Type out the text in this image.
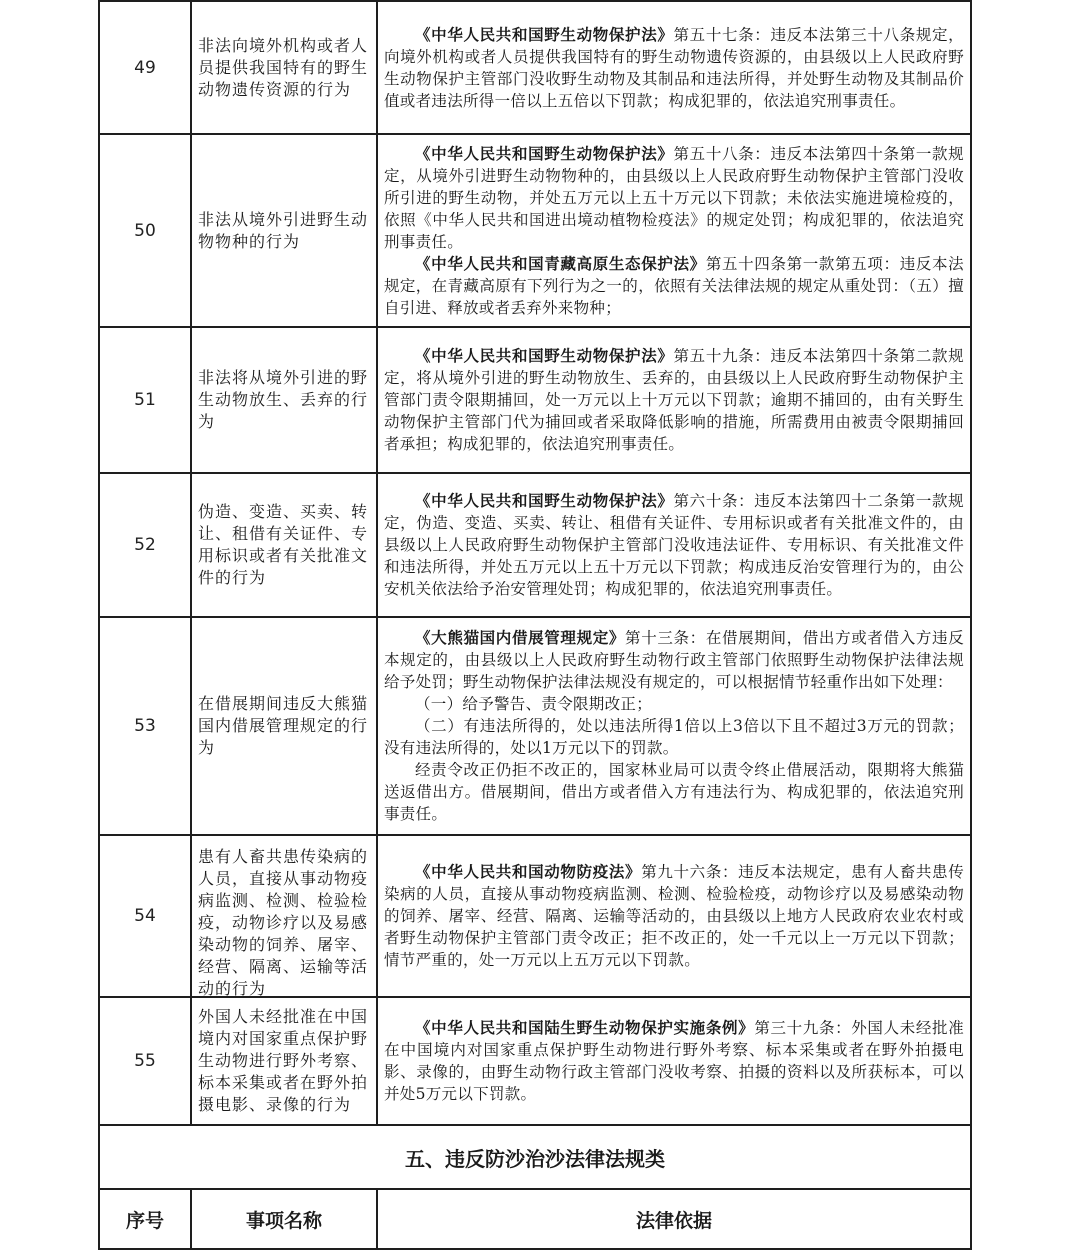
49	非法向境外机构或者人员提供我国特有的野生动物遗传资源的行为	《中华人民共和国野生动物保护法》第五十七条：违反本法第三十八条规定，向境外机构或者人员提供我国特有的野生动物遗传资源的，由县级以上人民政府野生动物保护主管部门没收野生动物及其制品和违法所得，并处野生动物及其制品价值或者违法所得一倍以上五倍以下罚款；构成犯罪的，依法追究刑事责任。

50	非法从境外引进野生动物物种的行为	《中华人民共和国野生动物保护法》第五十八条：违反本法第四十条第一款规定，从境外引进野生动物物种的，由县级以上人民政府野生动物保护主管部门没收所引进的野生动物，并处五万元以上五十万元以下罚款；未依法实施进境检疫的，依照《中华人民共和国进出境动植物检疫法》的规定处罚；构成犯罪的，依法追究刑事责任。

《中华人民共和国青藏高原生态保护法》第五十四条第一款第五项：违反本法规定，在青藏高原有下列行为之一的，依照有关法律法规的规定从重处罚：（五）擅自引进、释放或者丢弃外来物种；

51	非法将从境外引进的野生动物放生、丢弃的行为	《中华人民共和国野生动物保护法》第五十九条：违反本法第四十条第二款规定，将从境外引进的野生动物放生、丢弃的，由县级以上人民政府野生动物保护主管部门责令限期捕回，处一万元以上十万元以下罚款；逾期不捕回的，由有关野生动物保护主管部门代为捕回或者采取降低影响的措施，所需费用由被责令限期捕回者承担；构成犯罪的，依法追究刑事责任。

52	伪造、变造、买卖、转让、租借有关证件、专用标识或者有关批准文件的行为	《中华人民共和国野生动物保护法》第六十条：违反本法第四十二条第一款规定，伪造、变造、买卖、转让、租借有关证件、专用标识或者有关批准文件的，由县级以上人民政府野生动物保护主管部门没收违法证件、专用标识、有关批准文件和违法所得，并处五万元以上五十万元以下罚款；构成违反治安管理行为的，由公安机关依法给予治安管理处罚；构成犯罪的，依法追究刑事责任。

53	在借展期间违反大熊猫国内借展管理规定的行为	《大熊猫国内借展管理规定》第十三条：在借展期间，借出方或者借入方违反本规定的，由县级以上人民政府野生动物行政主管部门依照野生动物保护法律法规给予处罚；野生动物保护法律法规没有规定的，可以根据情节轻重作出如下处理：

（一）给予警告、责令限期改正；

（二）有违法所得的，处以违法所得1倍以上3倍以下且不超过3万元的罚款；没有违法所得的，处以1万元以下的罚款。

经责令改正仍拒不改正的，国家林业局可以责令终止借展活动，限期将大熊猫送返借出方。借展期间，借出方或者借入方有违法行为、构成犯罪的，依法追究刑事责任。

54	患有人畜共患传染病的人员，直接从事动物疫病监测、检测、检验检疫，动物诊疗以及易感染动物的饲养、屠宰、经营、隔离、运输等活动的行为	《中华人民共和国动物防疫法》第九十六条：违反本法规定，患有人畜共患传染病的人员，直接从事动物疫病监测、检测、检验检疫，动物诊疗以及易感染动物的饲养、屠宰、经营、隔离、运输等活动的，由县级以上地方人民政府农业农村或者野生动物保护主管部门责令改正；拒不改正的，处一千元以上一万元以下罚款；情节严重的，处一万元以上五万元以下罚款。

55	外国人未经批准在中国境内对国家重点保护野生动物进行野外考察、标本采集或者在野外拍摄电影、录像的行为	《中华人民共和国陆生野生动物保护实施条例》第三十九条：外国人未经批准在中国境内对国家重点保护野生动物进行野外考察、标本采集或者在野外拍摄电影、录像的，由野生动物行政主管部门没收考察、拍摄的资料以及所获标本，可以并处5万元以下罚款。

五、违反防沙治沙法律法规类		
序号	事项名称	法律依据
